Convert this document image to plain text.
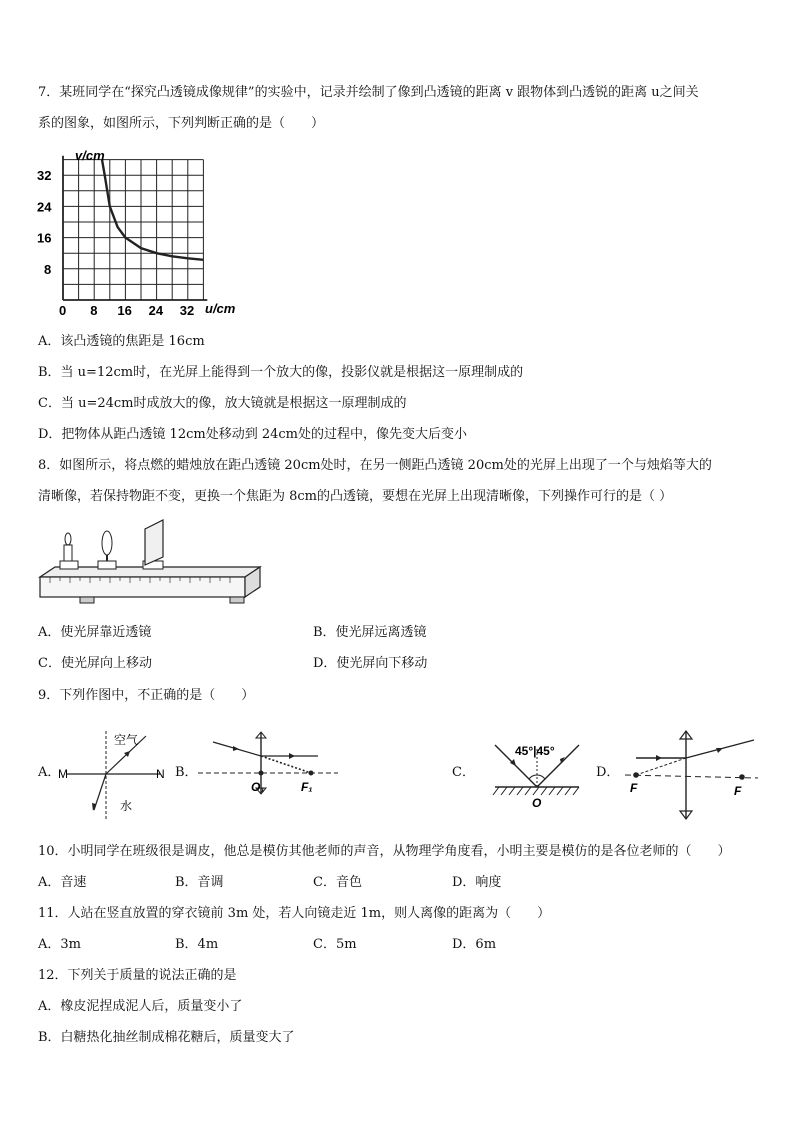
7．某班同学在“探究凸透镜成像规律”的实验中，记录并绘制了像到凸透镜的距离 v 跟物体到凸透锐的距离 u之间关
系的图象，如图所示，下列判断正确的是（　　）
0 8 16 24 32
8
16
24
32
v/cm
u/cm
A．该凸透镜的焦距是 16cm
B．当 u=12cm时，在光屏上能得到一个放大的像，投影仪就是根据这一原理制成的
C．当 u=24cm时成放大的像，放大镜就是根据这一原理制成的
D．把物体从距凸透镜 12cm处移动到 24cm处的过程中，像先变大后变小
8．如图所示，将点燃的蜡烛放在距凸透镜 20cm处时，在另一侧距凸透镜 20cm处的光屏上出现了一个与烛焰等大的
清晰像，若保持物距不变，更换一个焦距为 8cm的凸透镜，要想在光屏上出现清晰像，下列操作可行的是（ ）
A．使光屏靠近透镜	B．使光屏远离透镜
C．使光屏向上移动	D．使光屏向下移动
9．下列作图中，不正确的是（　　）
A．
空气
水
M	N B．
O₁	F₁
C．
45°|45°
O
D．
F	F
10．小明同学在班级很是调皮，他总是模仿其他老师的声音，从物理学角度看，小明主要是模仿的是各位老师的（　　）
A．音速	B．音调	C．音色	D．响度
11．人站在竖直放置的穿衣镜前 3m 处，若人向镜走近 1m，则人离像的距离为（　　）
A．3m	B．4m	C．5m	D．6m
12．下列关于质量的说法正确的是
A．橡皮泥捏成泥人后，质量变小了
B．白糖热化抽丝制成棉花糖后，质量变大了
